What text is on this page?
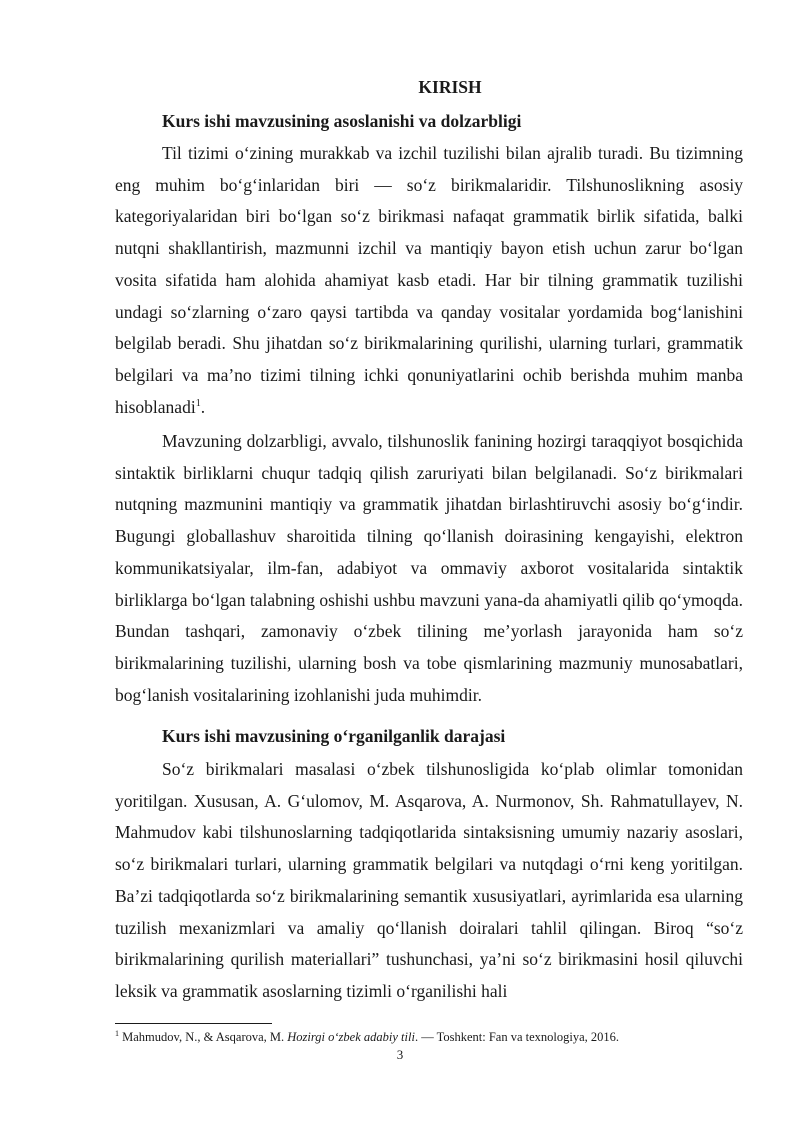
KIRISH
Kurs ishi mavzusining asoslanishi va dolzarbligi

Til tizimi o‘zining murakkab va izchil tuzilishi bilan ajralib turadi. Bu tizimning eng muhim bo‘g‘inlaridan biri — so‘z birikmalaridir. Tilshunoslikning asosiy kategoriyalaridan biri bo‘lgan so‘z birikmasi nafaqat grammatik birlik sifatida, balki nutqni shakllantirish, mazmunni izchil va mantiqiy bayon etish uchun zarur bo‘lgan vosita sifatida ham alohida ahamiyat kasb etadi. Har bir tilning grammatik tuzilishi undagi so‘zlarning o‘zaro qaysi tartibda va qanday vositalar yordamida bog‘lanishini belgilab beradi. Shu jihatdan so‘z birikmalarining qurilishi, ularning turlari, grammatik belgilari va ma’no tizimi tilning ichki qonuniyatlarini ochib berishda muhim manba hisoblanadi$^1$.

Mavzuning dolzarbligi, avvalo, tilshunoslik fanining hozirgi taraqqiyot bosqichida sintaktik birliklarni chuqur tadqiq qilish zaruriyati bilan belgilanadi. So‘z birikmalari nutqning mazmunini mantiqiy va grammatik jihatdan birlashtiruvchi asosiy bo‘g‘indir. Bugungi globallashuv sharoitida tilning qo‘llanish doirasining kengayishi, elektron kommunikatsiyalar, ilm-fan, adabiyot va ommaviy axborot vositalarida sintaktik birliklarga bo‘lgan talabning oshishi ushbu mavzuni yana-da ahamiyatli qilib qo‘ymoqda. Bundan tashqari, zamonaviy o‘zbek tilining me’yorlash jarayonida ham so‘z birikmalarining tuzilishi, ularning bosh va tobe qismlarining mazmuniy munosabatlari, bog‘lanish vositalarining izohlanishi juda muhimdir.

Kurs ishi mavzusining o‘rganilganlik darajasi

So‘z birikmalari masalasi o‘zbek tilshunosligida ko‘plab olimlar tomonidan yoritilgan. Xususan, A. G‘ulomov, M. Asqarova, A. Nurmonov, Sh. Rahmatullayev, N. Mahmudov kabi tilshunoslarning tadqiqotlarida sintaksisning umumiy nazariy asoslari, so‘z birikmalari turlari, ularning grammatik belgilari va nutqdagi o‘rni keng yoritilgan. Ba’zi tadqiqotlarda so‘z birikmalarining semantik xususiyatlari, ayrimlarida esa ularning tuzilish mexanizmlari va amaliy qo‘llanish doiralari tahlil qilingan. Biroq “so‘z birikmalarining qurilish materiallari” tushunchasi, ya’ni so‘z birikmasini hosil qiluvchi leksik va grammatik asoslarning tizimli o‘rganilishi hali

$^1$ Mahmudov, N., & Asqarova, M. Hozirgi o‘zbek adabiy tili. — Toshkent: Fan va texnologiya, 2016.
3
